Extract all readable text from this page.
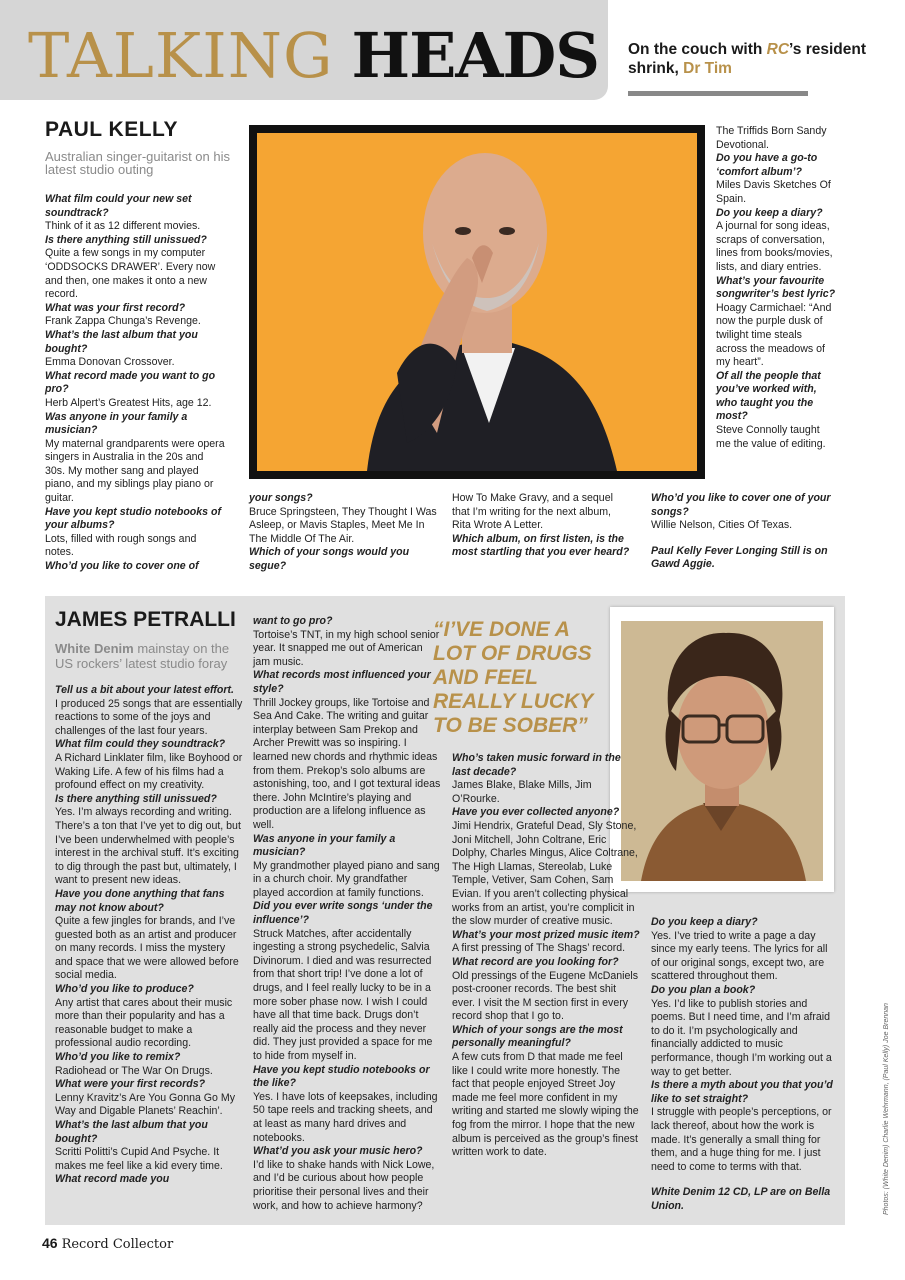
TALKING HEADS On the couch with RC’s resident shrink, Dr Tim
PAUL KELLY
Australian singer-guitarist on his latest studio outing

What film could your new set soundtrack?

Think of it as 12 different movies.

Is there anything still unissued?

Quite a few songs in my computer ‘ODDSOCKS DRAWER’. Every now and then, one makes it onto a new record.

What was your first record?

Frank Zappa Chunga’s Revenge.

What’s the last album that you bought?

Emma Donovan Crossover.

What record made you want to go pro?

Herb Alpert’s Greatest Hits, age 12.

Was anyone in your family a musician?

My maternal grandparents were opera singers in Australia in the 20s and 30s. My mother sang and played piano, and my siblings play piano or guitar.

Have you kept studio notebooks of your albums?

Lots, filled with rough songs and notes.

Who’d you like to cover one of

your songs?

Bruce Springsteen, They Thought I Was Asleep, or Mavis Staples, Meet Me In The Middle Of The Air.

Which of your songs would you segue?

How To Make Gravy, and a sequel that I’m writing for the next album, Rita Wrote A Letter.

Which album, on first listen, is the most startling that you ever heard?

The Triffids Born Sandy Devotional.

Do you have a go-to ‘comfort album’?

Miles Davis Sketches Of Spain.

Do you keep a diary?

A journal for song ideas, scraps of conversation, lines from books/movies, lists, and diary entries.

What’s your favourite songwriter’s best lyric?

Hoagy Carmichael: “And now the purple dusk of twilight time steals across the meadows of my heart”.

Of all the people that you’ve worked with, who taught you the most?

Steve Connolly taught me the value of editing.

Who’d you like to cover one of your songs?

Willie Nelson, Cities Of Texas.

Paul Kelly Fever Longing Still is on Gawd Aggie.

JAMES PETRALLI
White Denim mainstay on the US rockers’ latest studio foray
“I’VE DONE A LOT OF DRUGS AND FEEL REALLY LUCKY TO BE SOBER”

Tell us a bit about your latest effort.

I produced 25 songs that are essentially reactions to some of the joys and challenges of the last four years.

What film could they soundtrack?

A Richard Linklater film, like Boyhood or Waking Life. A few of his films had a profound effect on my creativity.

Is there anything still unissued?

Yes. I’m always recording and writing. There’s a ton that I’ve yet to dig out, but I’ve been underwhelmed with people’s interest in the archival stuff. It’s exciting to dig through the past but, ultimately, I want to present new ideas.

Have you done anything that fans may not know about?

Quite a few jingles for brands, and I’ve guested both as an artist and producer on many records. I miss the mystery and space that we were allowed before social media.

Who’d you like to produce?

Any artist that cares about their music more than their popularity and has a reasonable budget to make a professional audio recording.

Who’d you like to remix?

Radiohead or The War On Drugs.

What were your first records?

Lenny Kravitz’s Are You Gonna Go My Way and Digable Planets’ Reachin’.

What’s the last album that you bought?

Scritti Politti’s Cupid And Psyche. It makes me feel like a kid every time.

What record made you

want to go pro?

Tortoise’s TNT, in my high school senior year. It snapped me out of American jam music.

What records most influenced your style?

Thrill Jockey groups, like Tortoise and Sea And Cake. The writing and guitar interplay between Sam Prekop and Archer Prewitt was so inspiring. I learned new chords and rhythmic ideas from them. Prekop’s solo albums are astonishing, too, and I got textural ideas there. John McIntire’s playing and production are a lifelong influence as well.

Was anyone in your family a musician?

My grandmother played piano and sang in a church choir. My grandfather played accordion at family functions.

Did you ever write songs ‘under the influence’?

Struck Matches, after accidentally ingesting a strong psychedelic, Salvia Divinorum. I died and was resurrected from that short trip! I’ve done a lot of drugs, and I feel really lucky to be in a more sober phase now. I wish I could have all that time back. Drugs don’t really aid the process and they never did. They just provided a space for me to hide from myself in.

Have you kept studio notebooks or the like?

Yes. I have lots of keepsakes, including 50 tape reels and tracking sheets, and at least as many hard drives and notebooks.

What’d you ask your music hero?

I’d like to shake hands with Nick Lowe, and I’d be curious about how people prioritise their personal lives and their work, and how to achieve harmony?

Who’s taken music forward in the last decade?

James Blake, Blake Mills, Jim O’Rourke.

Have you ever collected anyone?

Jimi Hendrix, Grateful Dead, Sly Stone, Joni Mitchell, John Coltrane, Eric Dolphy, Charles Mingus, Alice Coltrane, The High Llamas, Stereolab, Luke Temple, Vetiver, Sam Cohen, Sam Evian. If you aren’t collecting physical works from an artist, you’re complicit in the slow murder of creative music.

What’s your most prized music item?

A first pressing of The Shags’ record.

What record are you looking for?

Old pressings of the Eugene McDaniels post-crooner records. The best shit ever. I visit the M section first in every record shop that I go to.

Which of your songs are the most personally meaningful?

A few cuts from D that made me feel like I could write more honestly. The fact that people enjoyed Street Joy made me feel more confident in my writing and started me slowly wiping the fog from the mirror. I hope that the new album is perceived as the group’s finest written work to date.

Do you keep a diary?

Yes. I’ve tried to write a page a day since my early teens. The lyrics for all of our original songs, except two, are scattered throughout them.

Do you plan a book?

Yes. I’d like to publish stories and poems. But I need time, and I’m afraid to do it. I’m psychologically and financially addicted to music performance, though I’m working out a way to get better.

Is there a myth about you that you’d like to set straight?

I struggle with people’s perceptions, or lack thereof, about how the work is made. It’s generally a small thing for them, and a huge thing for me. I just need to come to terms with that.

White Denim 12 CD, LP are on Bella Union.

46 Record Collector
Photos: (White Denim) Charlie Wehrmann, (Paul Kelly) Joe Brennan
